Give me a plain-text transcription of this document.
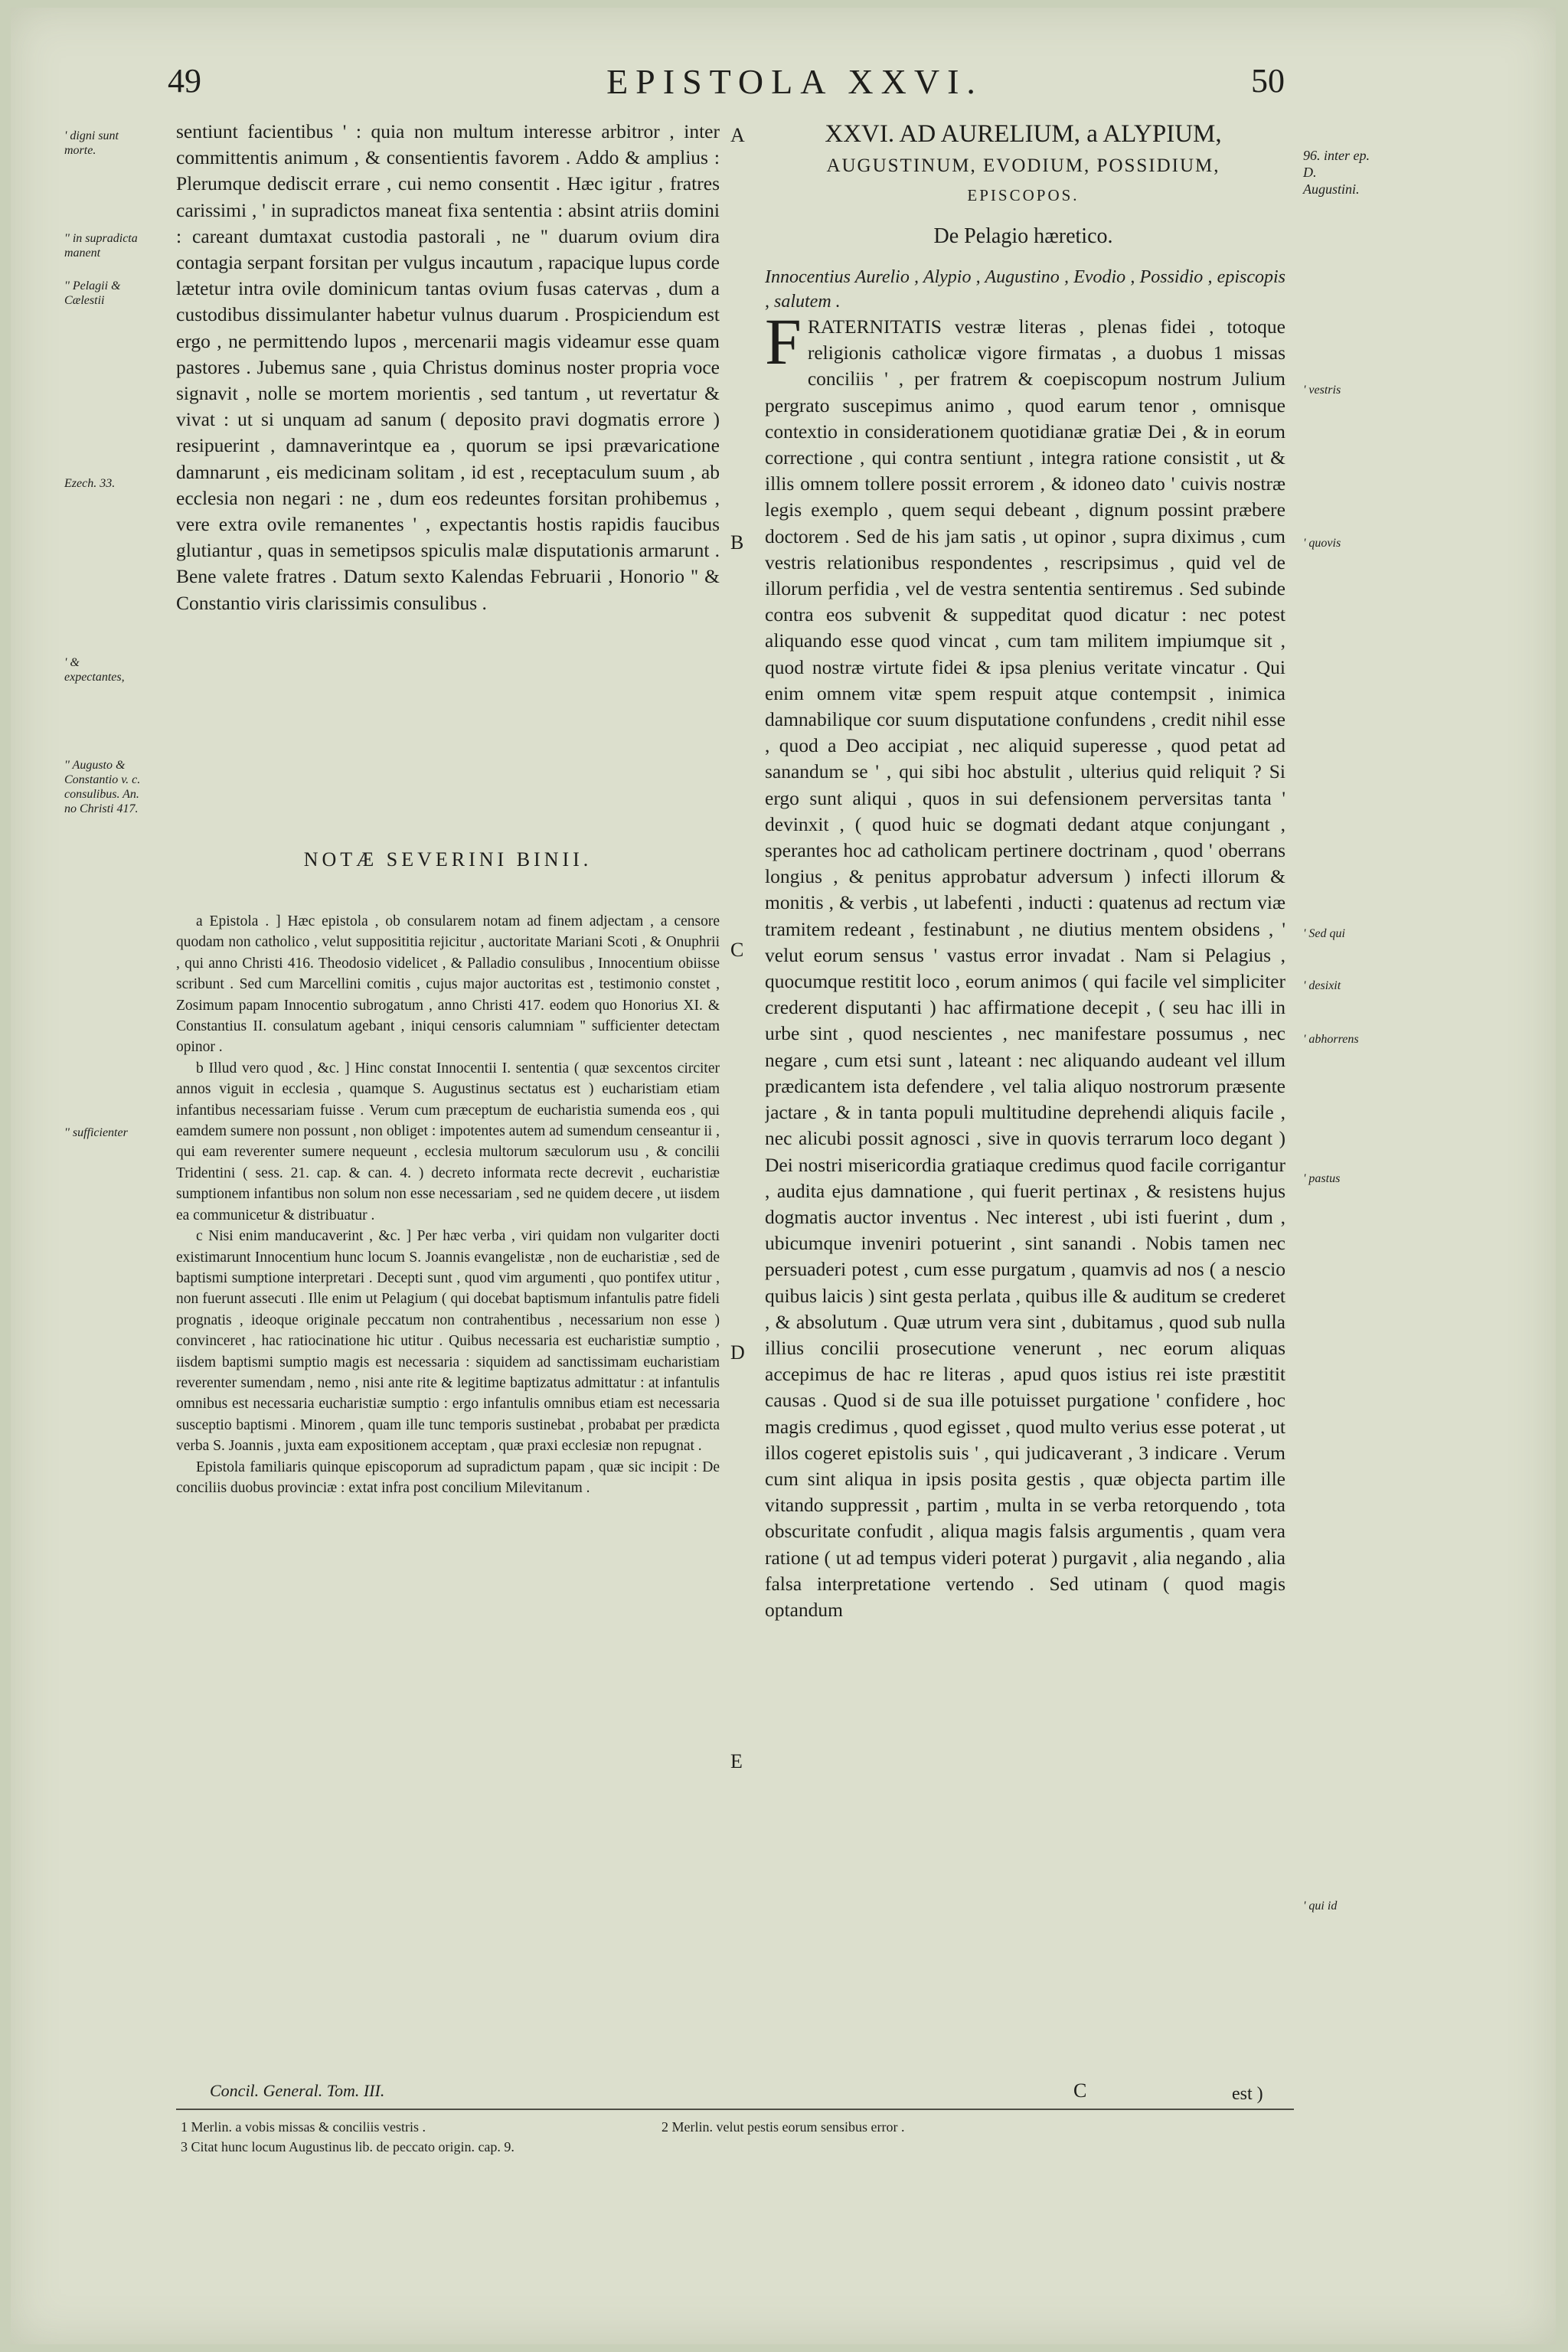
49	EPISTOLA XXVI.	50
' digni sunt morte.
'' in supradicta manent
'' Pelagii & Cælestii
Ezech. 33.
' & expectantes,
'' Augusto & Constantio v. c. consulibus. An. no Christi 417.
'' sufficienter

sentiunt facientibus ' : quia non multum interesse arbitror , inter committentis animum , & consentientis favorem . Addo & amplius : Plerumque dediscit errare , cui nemo consentit . Hæc igitur , fratres carissimi , ' in supradictos maneat fixa sententia : absint atriis domini : careant dumtaxat custodia pastorali , ne '' duarum ovium dira contagia serpant forsitan per vulgus incautum , rapacique lupus corde lætetur intra ovile dominicum tantas ovium fusas catervas , dum a custodibus dissimulanter habetur vulnus duarum . Prospiciendum est ergo , ne permittendo lupos , mercenarii magis videamur esse quam pastores . Jubemus sane , quia Christus dominus noster propria voce signavit , nolle se mortem morientis , sed tantum , ut revertatur & vivat : ut si unquam ad sanum ( deposito pravi dogmatis errore ) resipuerint , damnaverintque ea , quorum se ipsi prævaricatione damnarunt , eis medicinam solitam , id est , receptaculum suum , ab ecclesia non negari : ne , dum eos redeuntes forsitan prohibemus , vere extra ovile remanentes ' , expectantis hostis rapidis faucibus glutiantur , quas in semetipsos spiculis malæ disputationis armarunt . Bene valete fratres . Datum sexto Kalendas Februarii , Honorio '' & Constantio viris clarissimis consulibus .

NOTÆ SEVERINI BINII.

a Epistola . ] Hæc epistola , ob consularem notam ad finem adjectam , a censore quodam non catholico , velut supposititia rejicitur , auctoritate Mariani Scoti , & Onuphrii , qui anno Christi 416. Theodosio videlicet , & Palladio consulibus , Innocentium obiisse scribunt . Sed cum Marcellini comitis , cujus major auctoritas est , testimonio constet , Zosimum papam Innocentio subrogatum , anno Christi 417. eodem quo Honorius XI. & Constantius II. consulatum agebant , iniqui censoris calumniam '' sufficienter detectam opinor .

b Illud vero quod , &c. ] Hinc constat Innocentii I. sententia ( quæ sexcentos circiter annos viguit in ecclesia , quamque S. Augustinus sectatus est ) eucharistiam etiam infantibus necessariam fuisse . Verum cum præceptum de eucharistia sumenda eos , qui eamdem sumere non possunt , non obliget : impotentes autem ad sumendum censeantur ii , qui eam reverenter sumere nequeunt , ecclesia multorum sæculorum usu , & concilii Tridentini ( sess. 21. cap. & can. 4. ) decreto informata recte decrevit , eucharistiæ sumptionem infantibus non solum non esse necessariam , sed ne quidem decere , ut iisdem ea communicetur & distribuatur .

c Nisi enim manducaverint , &c. ] Per hæc verba , viri quidam non vulgariter docti existimarunt Innocentium hunc locum S. Joannis evangelistæ , non de eucharistiæ , sed de baptismi sumptione interpretari . Decepti sunt , quod vim argumenti , quo pontifex utitur , non fuerunt assecuti . Ille enim ut Pelagium ( qui docebat baptismum infantulis patre fideli prognatis , ideoque originale peccatum non contrahentibus , necessarium non esse ) convinceret , hac ratiocinatione hic utitur . Quibus necessaria est eucharistiæ sumptio , iisdem baptismi sumptio magis est necessaria : siquidem ad sanctissimam eucharistiam reverenter sumendam , nemo , nisi ante rite & legitime baptizatus admittatur : at infantulis omnibus est necessaria eucharistiæ sumptio : ergo infantulis omnibus etiam est necessaria susceptio baptismi . Minorem , quam ille tunc temporis sustinebat , probabat per prædicta verba S. Joannis , juxta eam expositionem acceptam , quæ praxi ecclesiæ non repugnat .

Epistola familiaris quinque episcoporum ad supradictum papam , quæ sic incipit : De conciliis duobus provinciæ : extat infra post concilium Milevitanum .

Concil. General. Tom. III.
A
B
C
D
E
XXVI. AD AURELIUM, a ALYPIUM,
AUGUSTINUM, EVODIUM, POSSIDIUM,
EPISCOPOS.
De Pelagio hæretico.
Innocentius Aurelio , Alypio , Augustino , Evodio , Possidio , episcopis , salutem .
F RATERNITATIS vestræ literas , plenas fidei , totoque religionis catholicæ vigore firmatas , a duobus 1 missas conciliis ' , per fratrem & coepiscopum nostrum Julium pergrato suscepimus animo , quod earum tenor , omnisque contextio in considerationem quotidianæ gratiæ Dei , & in eorum correctione , qui contra sentiunt , integra ratione consistit , ut & illis omnem tollere possit errorem , & idoneo dato ' cuivis nostræ legis exemplo , quem sequi debeant , dignum possint præbere doctorem . Sed de his jam satis , ut opinor , supra diximus , cum vestris relationibus respondentes , rescripsimus , quid vel de illorum perfidia , vel de vestra sententia sentiremus . Sed subinde contra eos subvenit & suppeditat quod dicatur : nec potest aliquando esse quod vincat , cum tam militem impiumque sit , quod nostræ virtute fidei & ipsa plenius veritate vincatur . Qui enim omnem vitæ spem respuit atque contempsit , inimica damnabilique cor suum disputatione confundens , credit nihil esse , quod a Deo accipiat , nec aliquid superesse , quod petat ad sanandum se ' , qui sibi hoc abstulit , ulterius quid reliquit ? Si ergo sunt aliqui , quos in sui defensionem perversitas tanta ' devinxit , ( quod huic se dogmati dedant atque conjungant , sperantes hoc ad catholicam pertinere doctrinam , quod ' oberrans longius , & penitus approbatur adversum ) infecti illorum & monitis , & verbis , ut labefenti , inducti : quatenus ad rectum viæ tramitem redeant , festinabunt , ne diutius mentem obsidens , ' velut eorum sensus ' vastus error invadat . Nam si Pelagius , quocumque restitit loco , eorum animos ( qui facile vel simpliciter crederent disputanti ) hac affirmatione decepit , ( seu hac illi in urbe sint , quod nescientes , nec manifestare possumus , nec negare , cum etsi sunt , lateant : nec aliquando audeant vel illum prædicantem ista defendere , vel talia aliquo nostrorum præsente jactare , & in tanta populi multitudine deprehendi aliquis facile , nec alicubi possit agnosci , sive in quovis terrarum loco degant ) Dei nostri misericordia gratiaque credimus quod facile corrigantur , audita ejus damnatione , qui fuerit pertinax , & resistens hujus dogmatis auctor inventus . Nec interest , ubi isti fuerint , dum , ubicumque inveniri potuerint , sint sanandi . Nobis tamen nec persuaderi potest , cum esse purgatum , quamvis ad nos ( a nescio quibus laicis ) sint gesta perlata , quibus ille & auditum se crederet , & absolutum . Quæ utrum vera sint , dubitamus , quod sub nulla illius concilii prosecutione venerunt , nec eorum aliquas accepimus de hac re literas , apud quos istius rei iste præstitit causas . Quod si de sua ille potuisset purgatione ' confidere , hoc magis credimus , quod egisset , quod multo verius esse poterat , ut illos cogeret epistolis suis ' , qui judicaverant , 3 indicare . Verum cum sint aliqua in ipsis posita gestis , quæ objecta partim ille vitando suppressit , partim , multa in se verba retorquendo , tota obscuritate confudit , aliqua magis falsis argumentis , quam vera ratione ( ut ad tempus videri poterat ) purgavit , alia negando , alia falsa interpretatione vertendo . Sed utinam ( quod magis optandum

C	est )
96. inter ep. D. Augustini.
' vestris
' quovis
' Sed qui
' desixit
' abhorrens
' pastus
' qui id
1 Merlin. a vobis missas & conciliis vestris .	2 Merlin. velut pestis eorum sensibus error .
3 Citat hunc locum Augustinus lib. de peccato origin. cap. 9.
